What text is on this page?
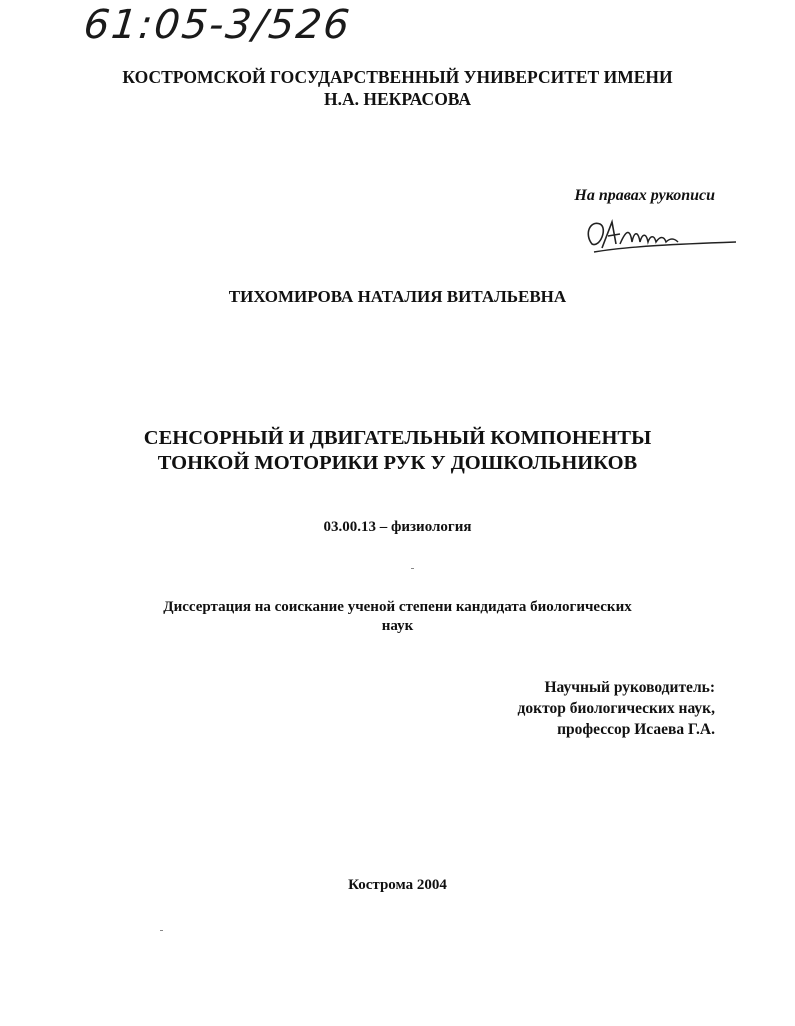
61:05-3/526
КОСТРОМСКОЙ ГОСУДАРСТВЕННЫЙ УНИВЕРСИТЕТ ИМЕНИ
Н.А. НЕКРАСОВА
На правах рукописи
ТИХОМИРОВА НАТАЛИЯ ВИТАЛЬЕВНА
СЕНСОРНЫЙ И ДВИГАТЕЛЬНЫЙ КОМПОНЕНТЫ
ТОНКОЙ МОТОРИКИ РУК У ДОШКОЛЬНИКОВ
03.00.13 – физиология
Диссертация на соискание ученой степени кандидата биологических
наук
Научный руководитель:
доктор биологических наук,
профессор Исаева Г.А.
Кострома 2004
